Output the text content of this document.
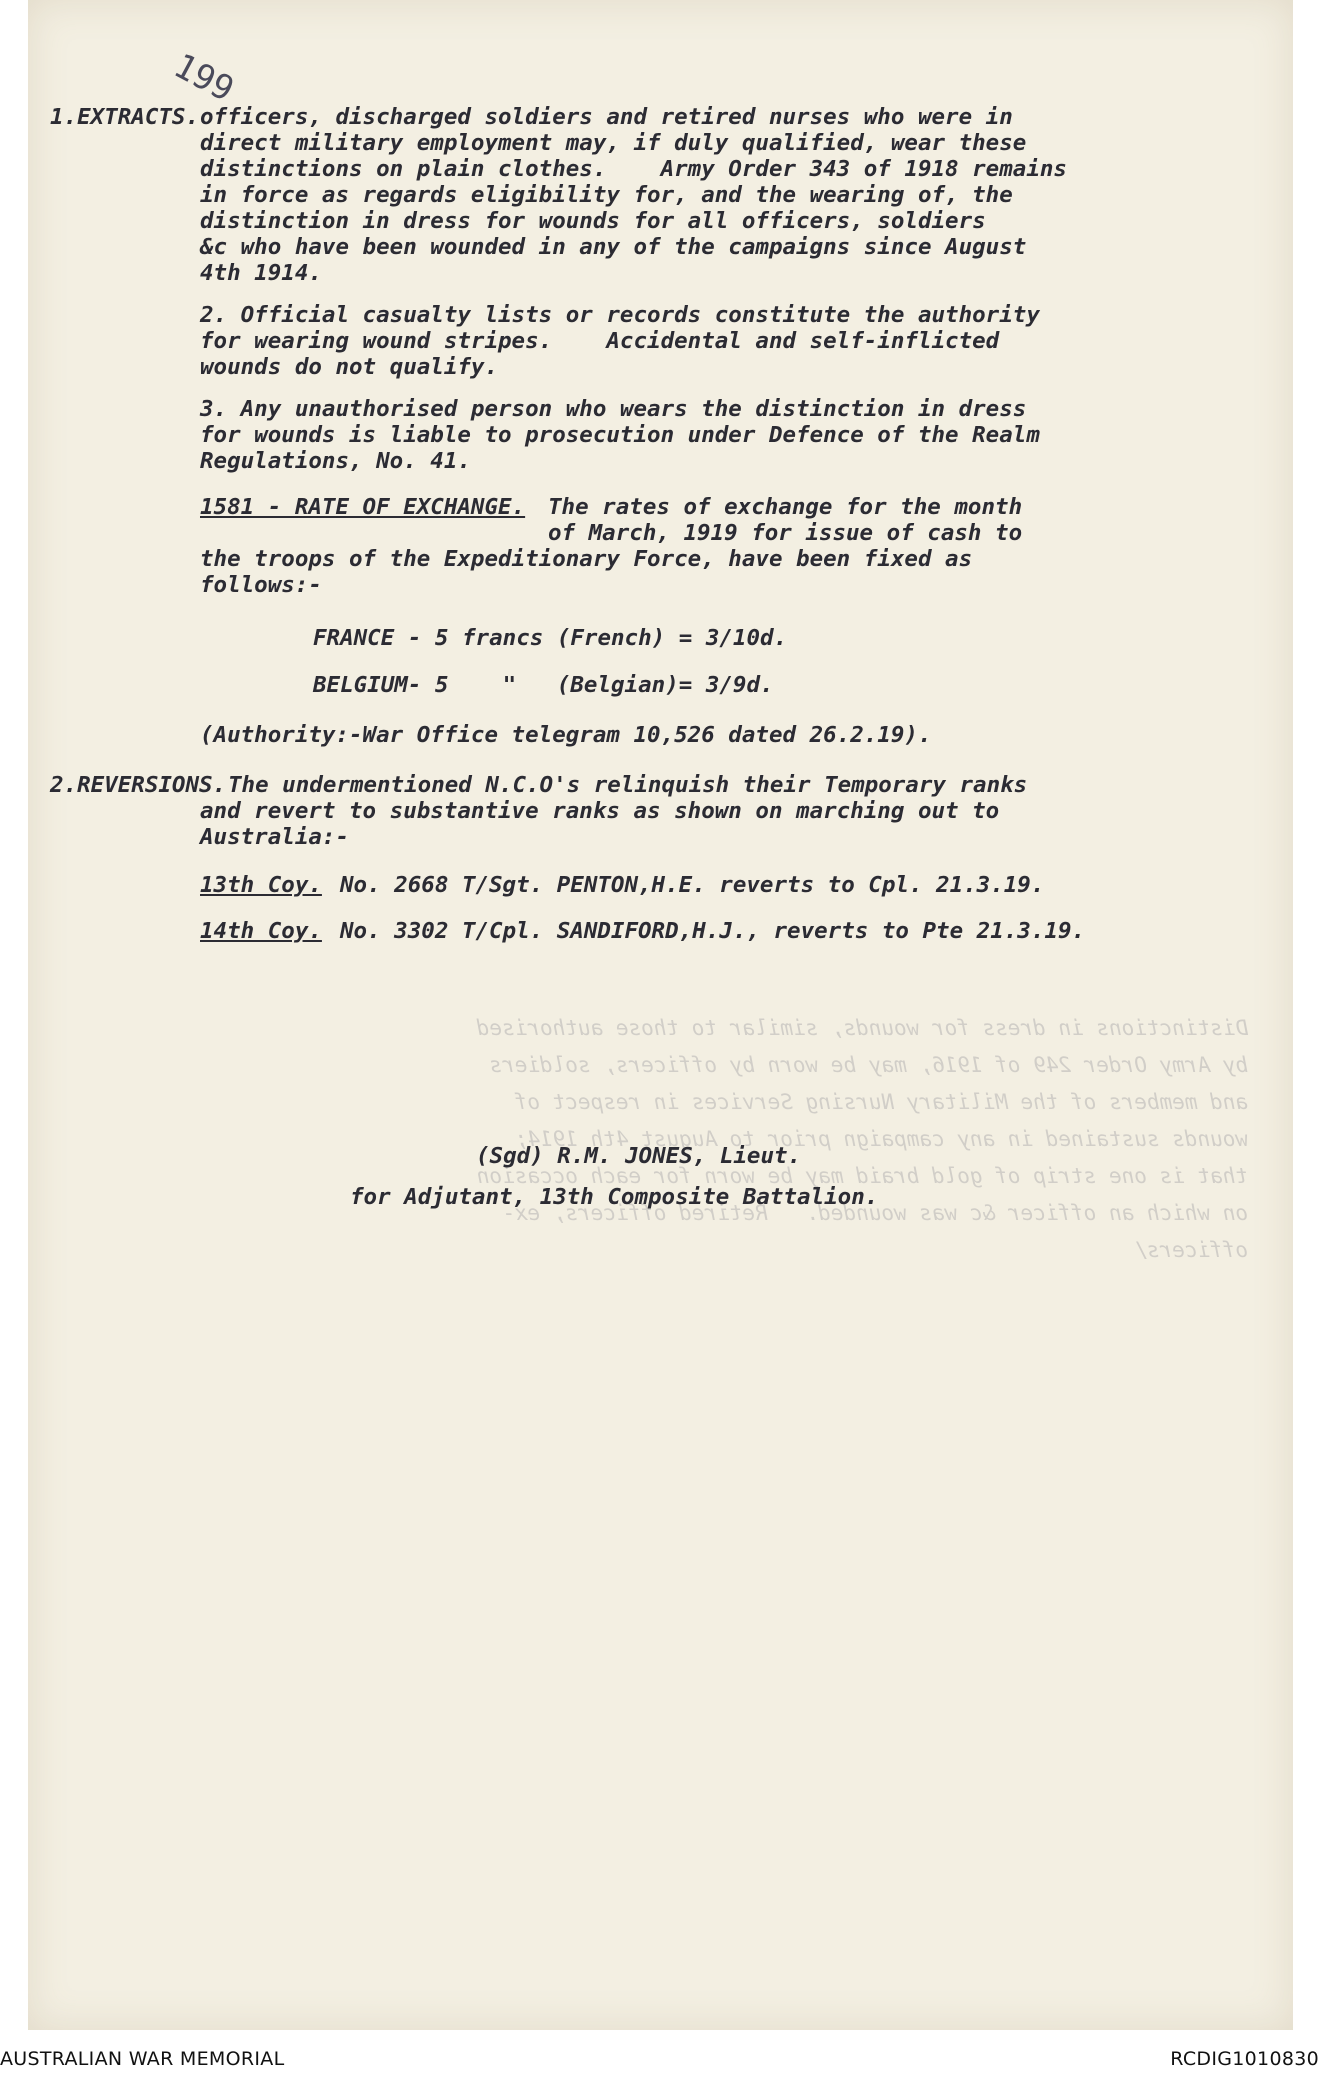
Distinctions in dress for wounds, similar to those authorised
by Army Order 249 of 1916, may be worn by officers, soldiers
and members of the Military Nursing Services in respect of
wounds sustained in any campaign prior to August 4th 1914;
that is one strip of gold braid may be worn for each occasion
on which an officer &c was wounded.   Retired officers, ex-
officers/
199
1.EXTRACTS. officers, discharged soldiers and retired nurses who were in
direct military employment may, if duly qualified, wear these
distinctions on plain clothes.    Army Order 343 of 1918 remains
in force as regards eligibility for, and the wearing of, the
distinction in dress for wounds for all officers, soldiers
&c who have been wounded in any of the campaigns since August
4th 1914.
2. Official casualty lists or records constitute the authority
for wearing wound stripes.    Accidental and self-inflicted
wounds do not qualify.
3. Any unauthorised person who wears the distinction in dress
for wounds is liable to prosecution under Defence of the Realm
Regulations, No. 41.
1581 - RATE OF EXCHANGE. The rates of exchange for the month
of March, 1919 for issue of cash to
the troops of the Expeditionary Force, have been fixed as
follows:-
FRANCE - 5 francs (French) = 3/10d.
BELGIUM- 5    "   (Belgian)= 3/9d.
(Authority:-War Office telegram 10,526 dated 26.2.19).
2.REVERSIONS. The undermentioned N.C.O's relinquish their Temporary ranks
and revert to substantive ranks as shown on marching out to
Australia:-
13th Coy. No. 2668 T/Sgt. PENTON,H.E. reverts to Cpl. 21.3.19.
14th Coy. No. 3302 T/Cpl. SANDIFORD,H.J., reverts to Pte 21.3.19.
(Sgd) R.M. JONES, Lieut.
for Adjutant, 13th Composite Battalion.
AUSTRALIAN WAR MEMORIAL	RCDIG1010830
